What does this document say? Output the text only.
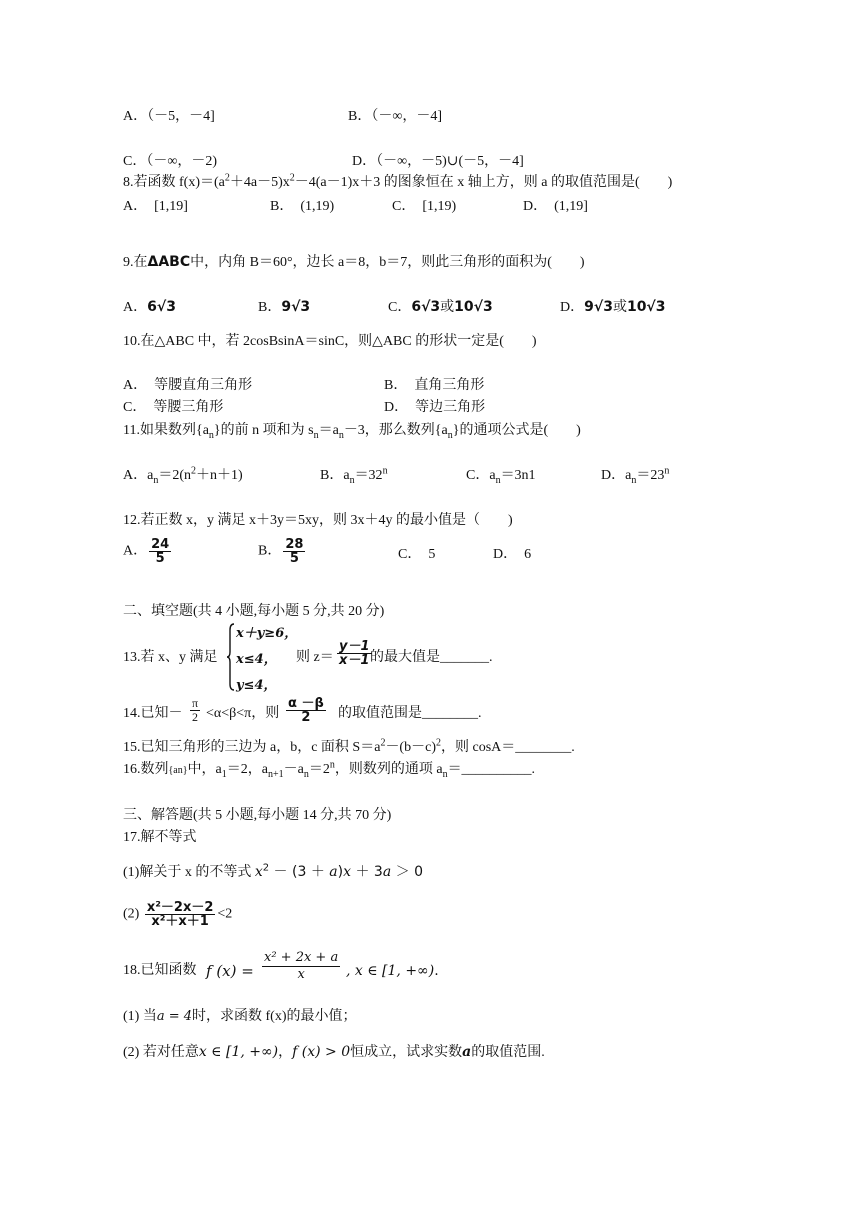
A．（－5，－4]	B．（－∞，－4]
C．（－∞，－2)	D．（－∞，－5)∪(－5，－4]
8.若函数 $f(x)=(a^2+4a-5)x^2-4(a-1)x+3$ 的图象恒在 x 轴上方，则 a 的取值范围是(　　)
A．　[1,19]	B．　(1,19)	C．　[1,19)	D．　(1,19]
9.在ΔABC中，内角 B＝60°，边长 a＝8，b＝7，则此三角形的面积为(　　)
A．6√3	B．9√3	C．6√3或10√3	D．9√3或10√3
10.在△ABC 中，若 2cosBsinA＝sinC，则△ABC 的形状一定是(　　)
A．　等腰直角三角形	B．　直角三角形
C．　等腰三角形	D．　等边三角形
11.如果数列$\{a_n\}$的前 n 项和为 $s_n=a_n-3$，那么数列$\{a_n\}$的通项公式是(　　)
A．$a_n=2(n^2+n+1)$	B．$a_n=32^n$	C．$a_n=3n1$	D．$a_n=23^n$
12.若正数 x，y 满足 x＋3y＝5xy，则 3x＋4y 的最小值是（　　)
A． $\frac{24}{5}$	B． $\frac{28}{5}$	C．　5	D．　6
二、填空题(共 4 小题,每小题 5 分,共 20 分)
13.若 x、y 满足
x＋y≥6，
x≤4，
y≤4，
则 $z= \frac{y-1}{x-1}$
的最大值是_______.
14.已知－ $\frac{\pi}{2} <\alpha<\beta<\pi$，则 $\frac{\alpha -\beta}{2}$ 的取值范围是________.
15.已知三角形的三边为 a，b，c 面积 $S=a^2-(b-c)^2$，则 cosA＝________.
16.数列{an}中，$a_1=2$，$a_{n+1}-a_n=2^n$，则数列的通项 $a_n=\_\_\_\_\_\_\_\_\_\_$.
三、解答题(共 5 小题,每小题 14 分,共 70 分)
17.解不等式
(1)解关于 x 的不等式 $x^2 - (3 + a)x + 3a > 0$
$(2) \frac{\text{x²－2x－2}}{\text{x²＋x＋1}} <2$
18.已知函数 f $(x) = \frac{\text{x² + 2x + a}}{x}$ , x ∈ [1, +∞).
(1) 当a = 4时，求函数 f(x)的最小值；
(2) 若对任意x ∈ [1, +∞)，f (x) > 0恒成立，试求实数a的取值范围.
